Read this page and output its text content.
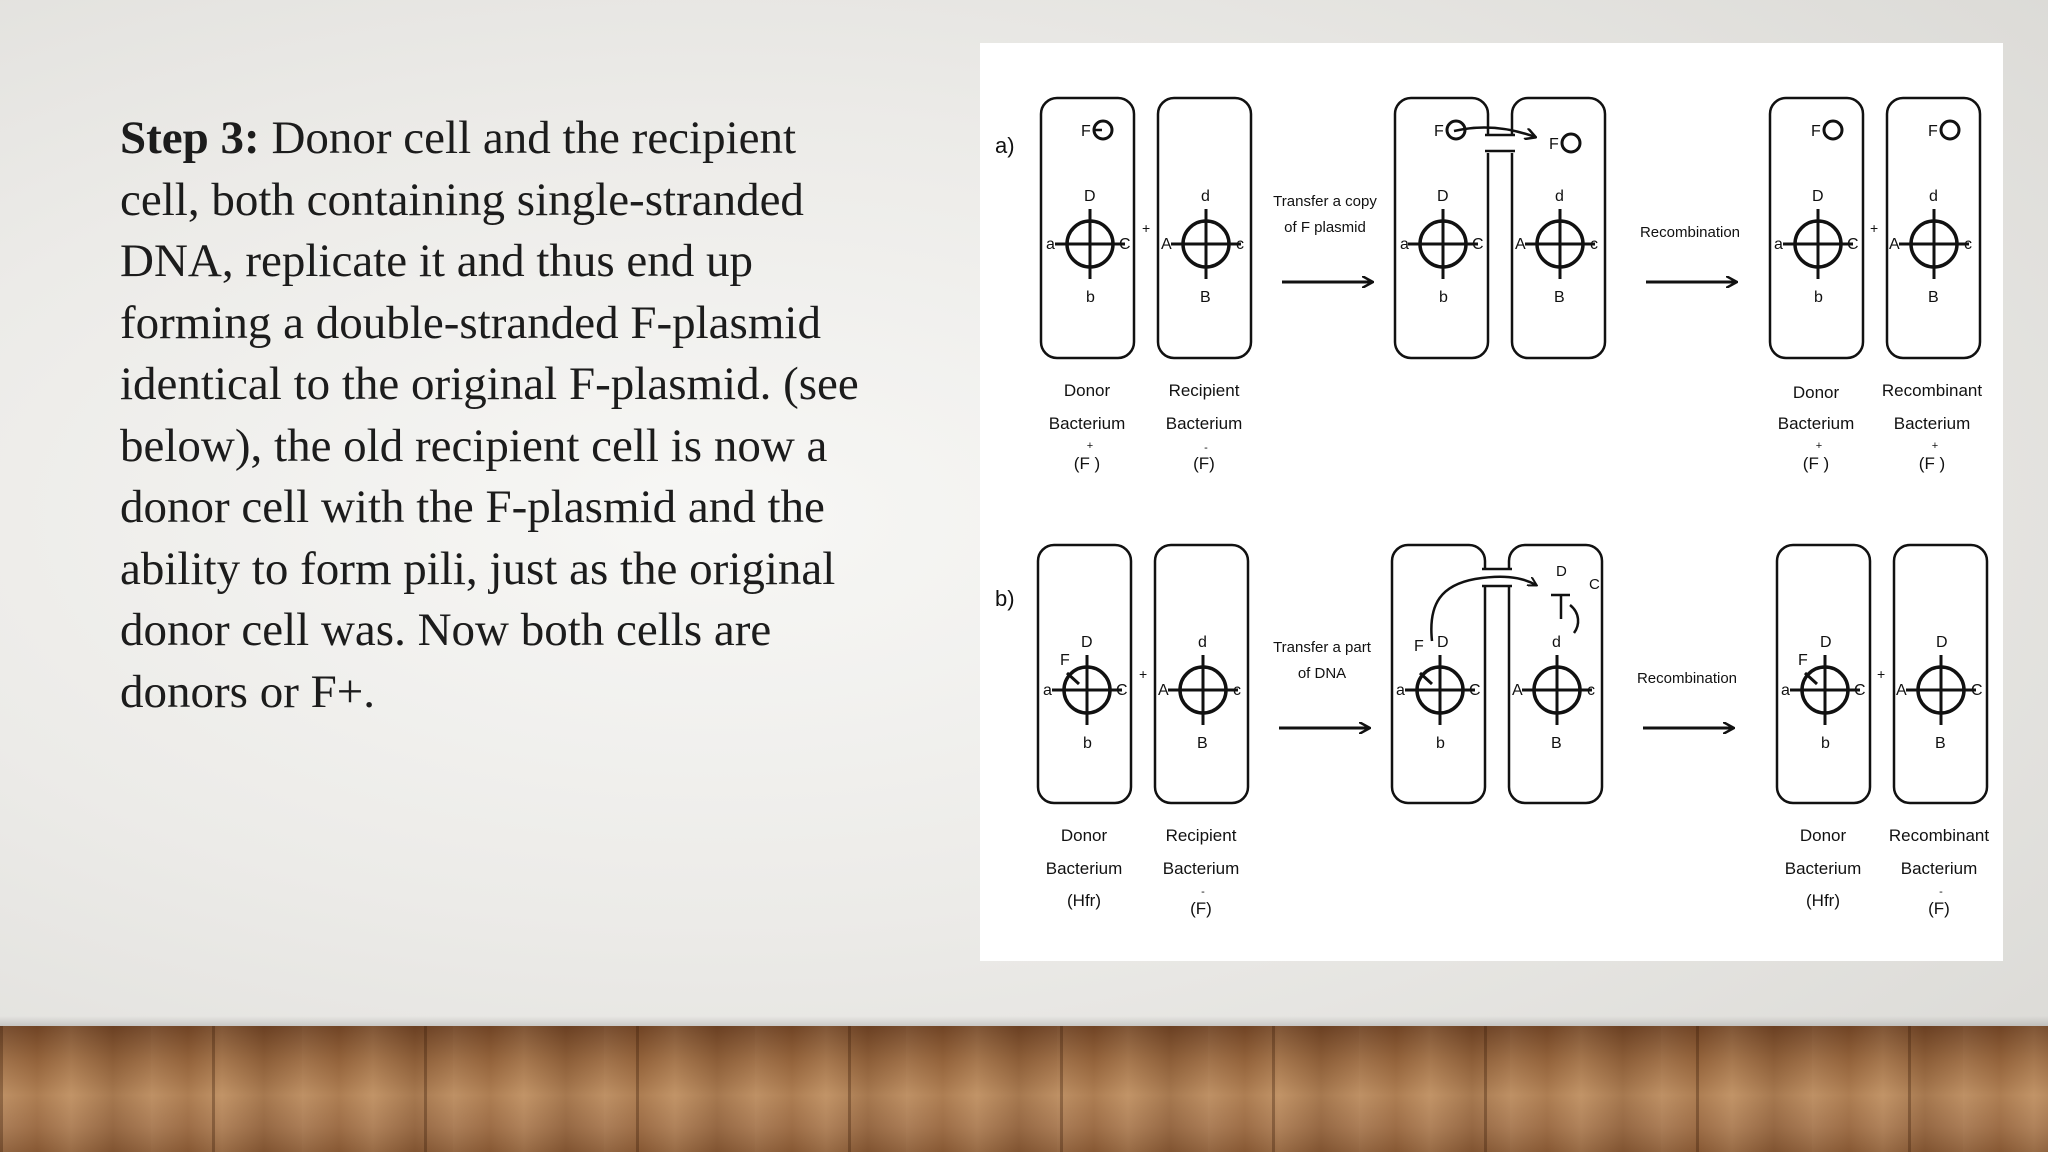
Step 3: Donor cell and the recipient cell, both containing single-stranded DNA, replicate it and thus end up forming a double-stranded F-plasmid identical to the original F-plasmid. (see below), the old recipient cell is now a donor cell with the F-plasmid and the ability to form pili, just as the original donor cell was. Now both cells are donors or F+.
a)
F	F
F
F	F
D
b
a	C
+
d
B
A	c
D
b
a	C
d
B
A	c
D
b
a	C
+
d
B
A	c
Transfer a copy
of F plasmid	Recombination
Donor
Bacterium
(F )
+
Recipient
Bacterium
(F)
-
Donor
Bacterium
(F )
+
Recombinant
Bacterium
(F )
+
b)
D
C
D
b
a	C
F
+
d
B
A	c
D
b
a	C
F	d
B
A	c
D
b
a	C
F
+
D
B
A	C
Transfer a part
of DNA	Recombination
Donor
Bacterium
(Hfr)
Recipient
Bacterium
(F)
-
Donor
Bacterium
(Hfr)
Recombinant
Bacterium
(F)
-
